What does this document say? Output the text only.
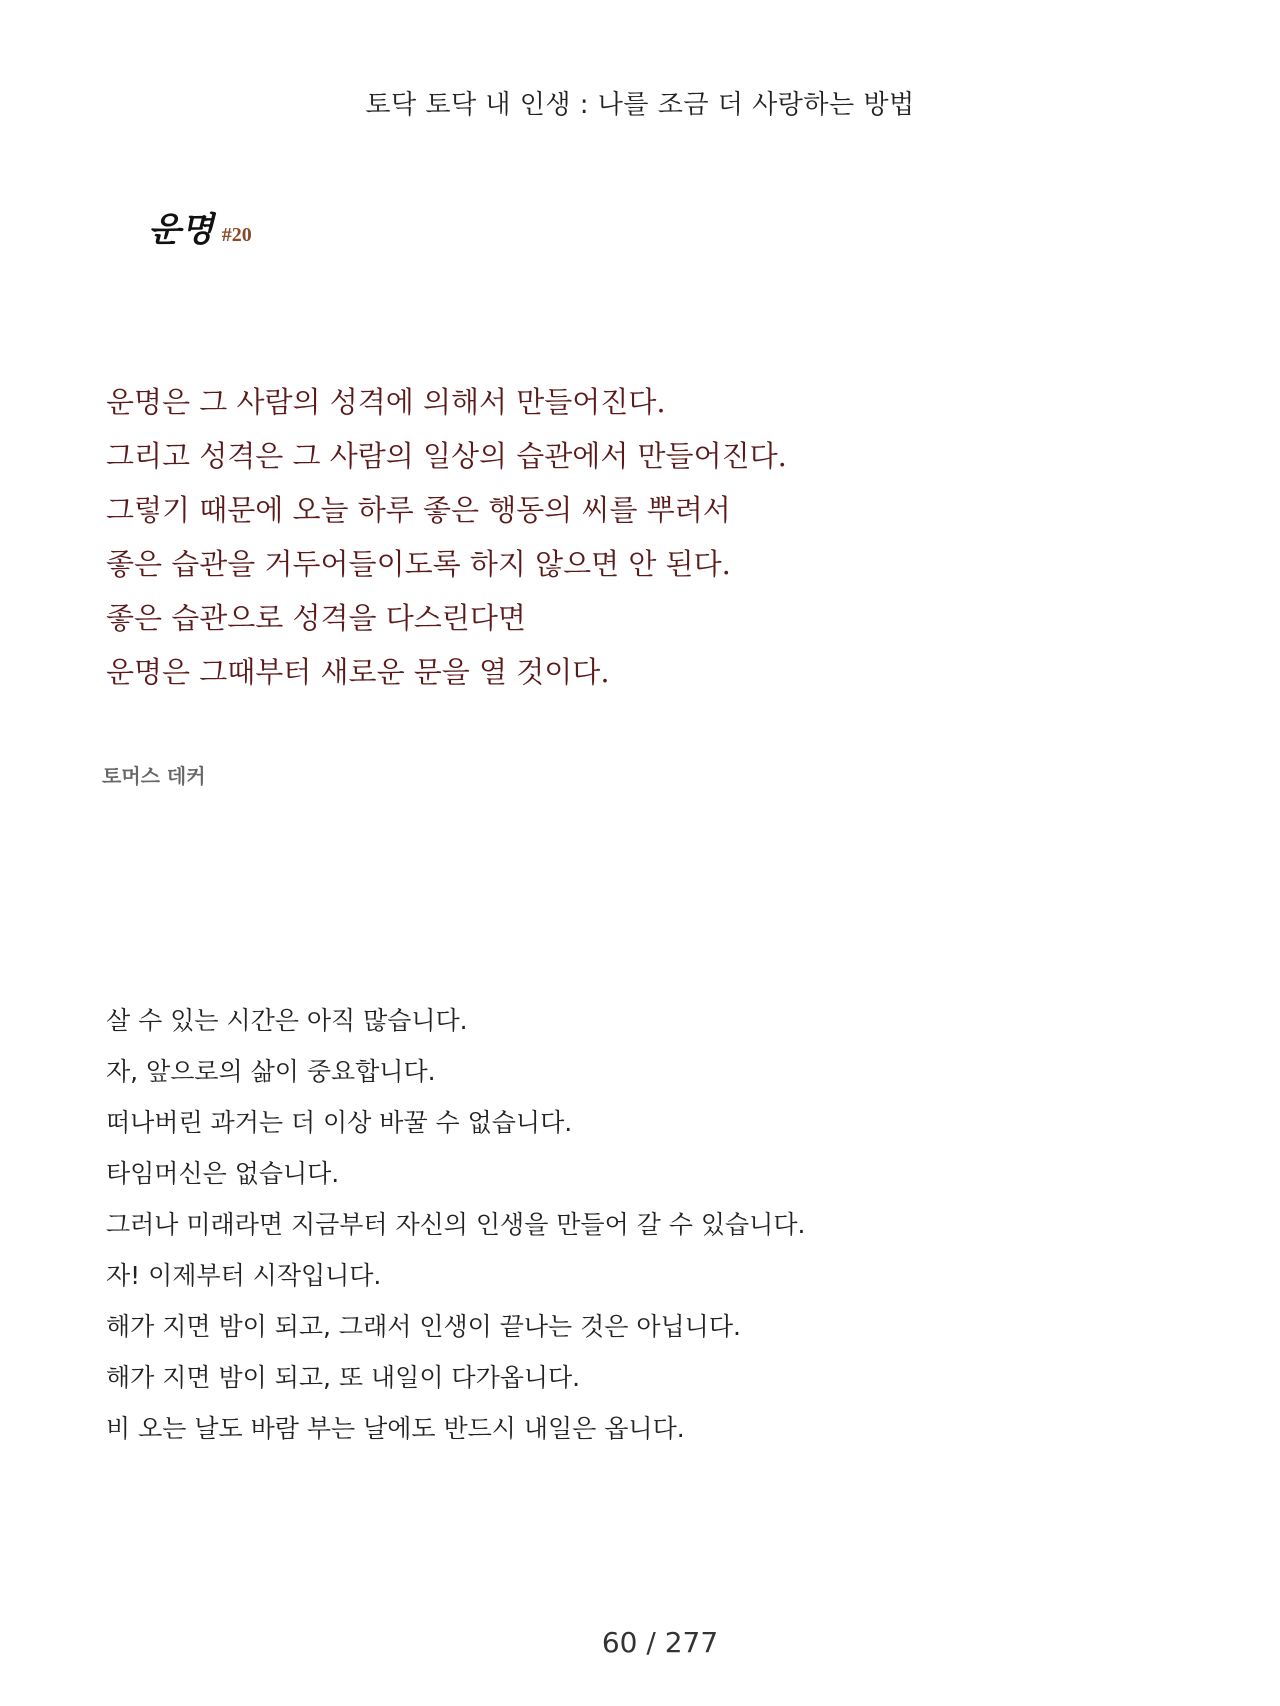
토닥 토닥 내 인생 : 나를 조금 더 사랑하는 방법
운명 #20
운명은 그 사람의 성격에 의해서 만들어진다.
그리고 성격은 그 사람의 일상의 습관에서 만들어진다.
그렇기 때문에 오늘 하루 좋은 행동의 씨를 뿌려서
좋은 습관을 거두어들이도록 하지 않으면 안 된다.
좋은 습관으로 성격을 다스린다면
운명은 그때부터 새로운 문을 열 것이다.
토머스 데커
살 수 있는 시간은 아직 많습니다.
자, 앞으로의 삶이 중요합니다.
떠나버린 과거는 더 이상 바꿀 수 없습니다.
타임머신은 없습니다.
그러나 미래라면 지금부터 자신의 인생을 만들어 갈 수 있습니다.
자! 이제부터 시작입니다.
해가 지면 밤이 되고, 그래서 인생이 끝나는 것은 아닙니다.
해가 지면 밤이 되고, 또 내일이 다가옵니다.
비 오는 날도 바람 부는 날에도 반드시 내일은 옵니다.
60 / 277
